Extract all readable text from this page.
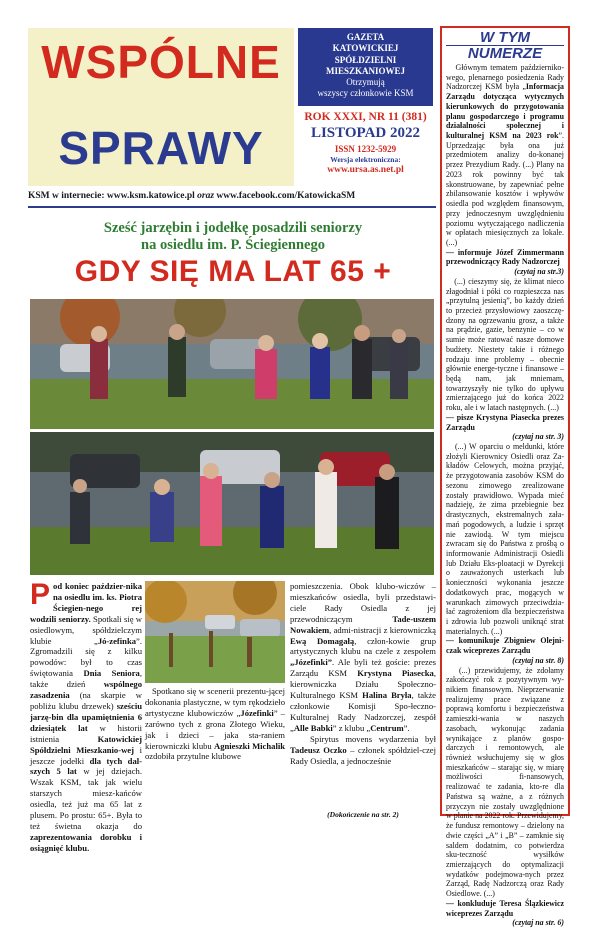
WSPÓLNE
SPRAWY
GAZETA
KATOWICKIEJ
SPÓŁDZIELNI
MIESZKANIOWEJ
Otrzymują
wszyscy członkowie KSM
ROK XXXI, NR 11 (381)
LISTOPAD 2022
ISSN 1232-5929
Wersja elektroniczna:
www.ursa.as.net.pl
KSM w internecie: www.ksm.katowice.pl oraz www.facebook.com/KatowickaSM
Sześć jarzębin i jodełkę posadzili seniorzy
na osiedlu im. P. Ściegiennego
GDY SIĘ MA LAT 65 +

Pod koniec paździer-nika na osiedlu im. ks. Piotra Ściegien-nego rej wodzili seniorzy. Spotkali się w osiedlowym, spółdzielczym klubie „Jó-zefinka”. Zgromadzili się z kilku powodów: był to czas świętowania Dnia Seniora, także dzień wspólnego zasadzenia (na skarpie w pobliżu klubu drzewek) sześciu jarzę-bin dla upamiętnienia 6 dziesiątek lat w historii istnienia Katowickiej Spółdzielni Mieszkanio-wej i jeszcze jodełki dla tych dal-szych 5 lat w jej dziejach. Wszak KSM, tak jak wielu starszych miesz-kańców osiedla, też już ma 65 lat z plusem. Po prostu: 65+. Była to też świetna okazja do zaprezentowania dorobku i osiągnięć klubu.

Spotkano się w scenerii prezentu-jącej dokonania plastyczne, w tym rękodzieło artystyczne klubowiczów „Józefinki” – zarówno tych z grona Złotego Wieku, jak i dzieci – jaka sta-raniem kierowniczki klubu Agnieszki Michalik ozdobiła przytulne klubowe

pomieszczenia. Obok klubo-wiczów – mieszkańców osiedla, byli przedstawi-ciele Rady Osiedla z jej przewodniczącym Tade-uszem Nowakiem, admi-nistracji z kierowniczką Ewą Domagałą, człon-kowie grup artystycznych klubu na czele z zespołem „Józefinki”. Ale byli też goście: prezes Zarządu KSM Krystyna Piasecka, kierowniczka Działu Społeczno-Kulturalnego KSM Halina Bryła, także członkowie Komisji Spo-łeczno-Kulturalnej Rady Nadzorczej, zespół „Alle Babki” z klubu „Centrum”.

Spirytus movens wydarzenia był Tadeusz Oczko – członek spółdziel-czej Rady Osiedla, a jednocześnie

(Dokończenie na str. 2)
W TYM
NUMERZE

Głównym tematem październiko-wego, plenarnego posiedzenia Rady Nadzorczej KSM była „Informacja Zarządu dotycząca wytycznych kierunkowych do przygotowania planu gospodarczego i programu działalności społecznej i kulturalnej KSM na 2023 rok”. Uprzedzając była ona już przedmiotem analizy do-konanej przez Prezydium Rady. (...) Plany na 2023 rok powinny być tak skonstruowane, by zapewniać pełne zbilansowanie kosztów i wpływów osiedla pod względem finansowym, przy jednoczesnym uwzględnieniu poziomu wytyczającego nadliczenia w opłatach miesięcznych za lokale. (...)

— informuje Józef Zimmermann przewodniczący Rady Nadzorczej

(czytaj na str.3)

(...) cieszymy się, że klimat nieco złagodniał i póki co rozpieszcza nas „przytulną jesienią”, bo każdy dzień to przecież przysłowiowy zaoszczę-dzony na ogrzewaniu grosz, a także na prądzie, gazie, benzynie – co w sumie może ratować nasze domowe budżety. Niestety takie i różnego rodzaju inne problemy – obecnie głównie energe-tyczne i finansowe – będą nam, jak mniemam, towarzyszyły nie tylko do upływu zmierzającego już do końca 2022 roku, ale i w latach następnych. (...)

— pisze Krystyna Piasecka prezes Zarządu

(czytaj na str. 3)

(...) W oparciu o meldunki, które złożyli Kierownicy Osiedli oraz Za-kładów Celowych, można przyjąć, że przygotowania zasobów KSM do sezonu zimowego zrealizowane zostały prawidłowo. Wypada mieć nadzieję, że zima przebiegnie bez drastycznych, ekstremalnych zała-mań pogodowych, a ludzie i sprzęt nie zawiodą. W tym miejscu zwracam się do Państwa z prośbą o informowanie Administracji Osiedli lub Działu Eks-ploatacji w Dyrekcji o zauważonych usterkach lub konieczności wykonania jeszcze dodatkowych prac, mogących w warunkach zimowych przeciwdzia-łać zagrożeniom dla bezpieczeństwa i zdrowia lub pozwoli uniknąć strat materialnych. (...)

— komunikuje Zbigniew Olejni-czak wiceprezes Zarządu

(czytaj na str. 8)

(...) przewidujemy, że zdołamy zakończyć rok z pozytywnym wy-nikiem finansowym. Nieprzerwanie realizujemy prace związane z poprawą komfortu i bezpieczeństwa zamieszki-wania w naszych zasobach, wykonując zadania wynikające z planów gospo-darczych i remontowych, ale również wsłuchujemy się w głos mieszkańców – starając się, w miarę możliwości fi-nansowych, realizować te zadania, kto-re dla Państwa są ważne, a z różnych przyczyn nie zostały uwzględnione w planie na 2022 rok. Przewidujemy, że fundusz remontowy – dzielony na dwie części „A” i „B” – zamknie się saldem dodatnim, co potwierdza sku-teczność wysiłków zmierzających do optymalizacji wydatków podejmowa-nych przez Zarząd, Radę Nadzorczą oraz Rady Osiedlowe. (...)

— konkluduje Teresa Ślązkiewicz wiceprezes Zarządu

(czytaj na str. 6)
